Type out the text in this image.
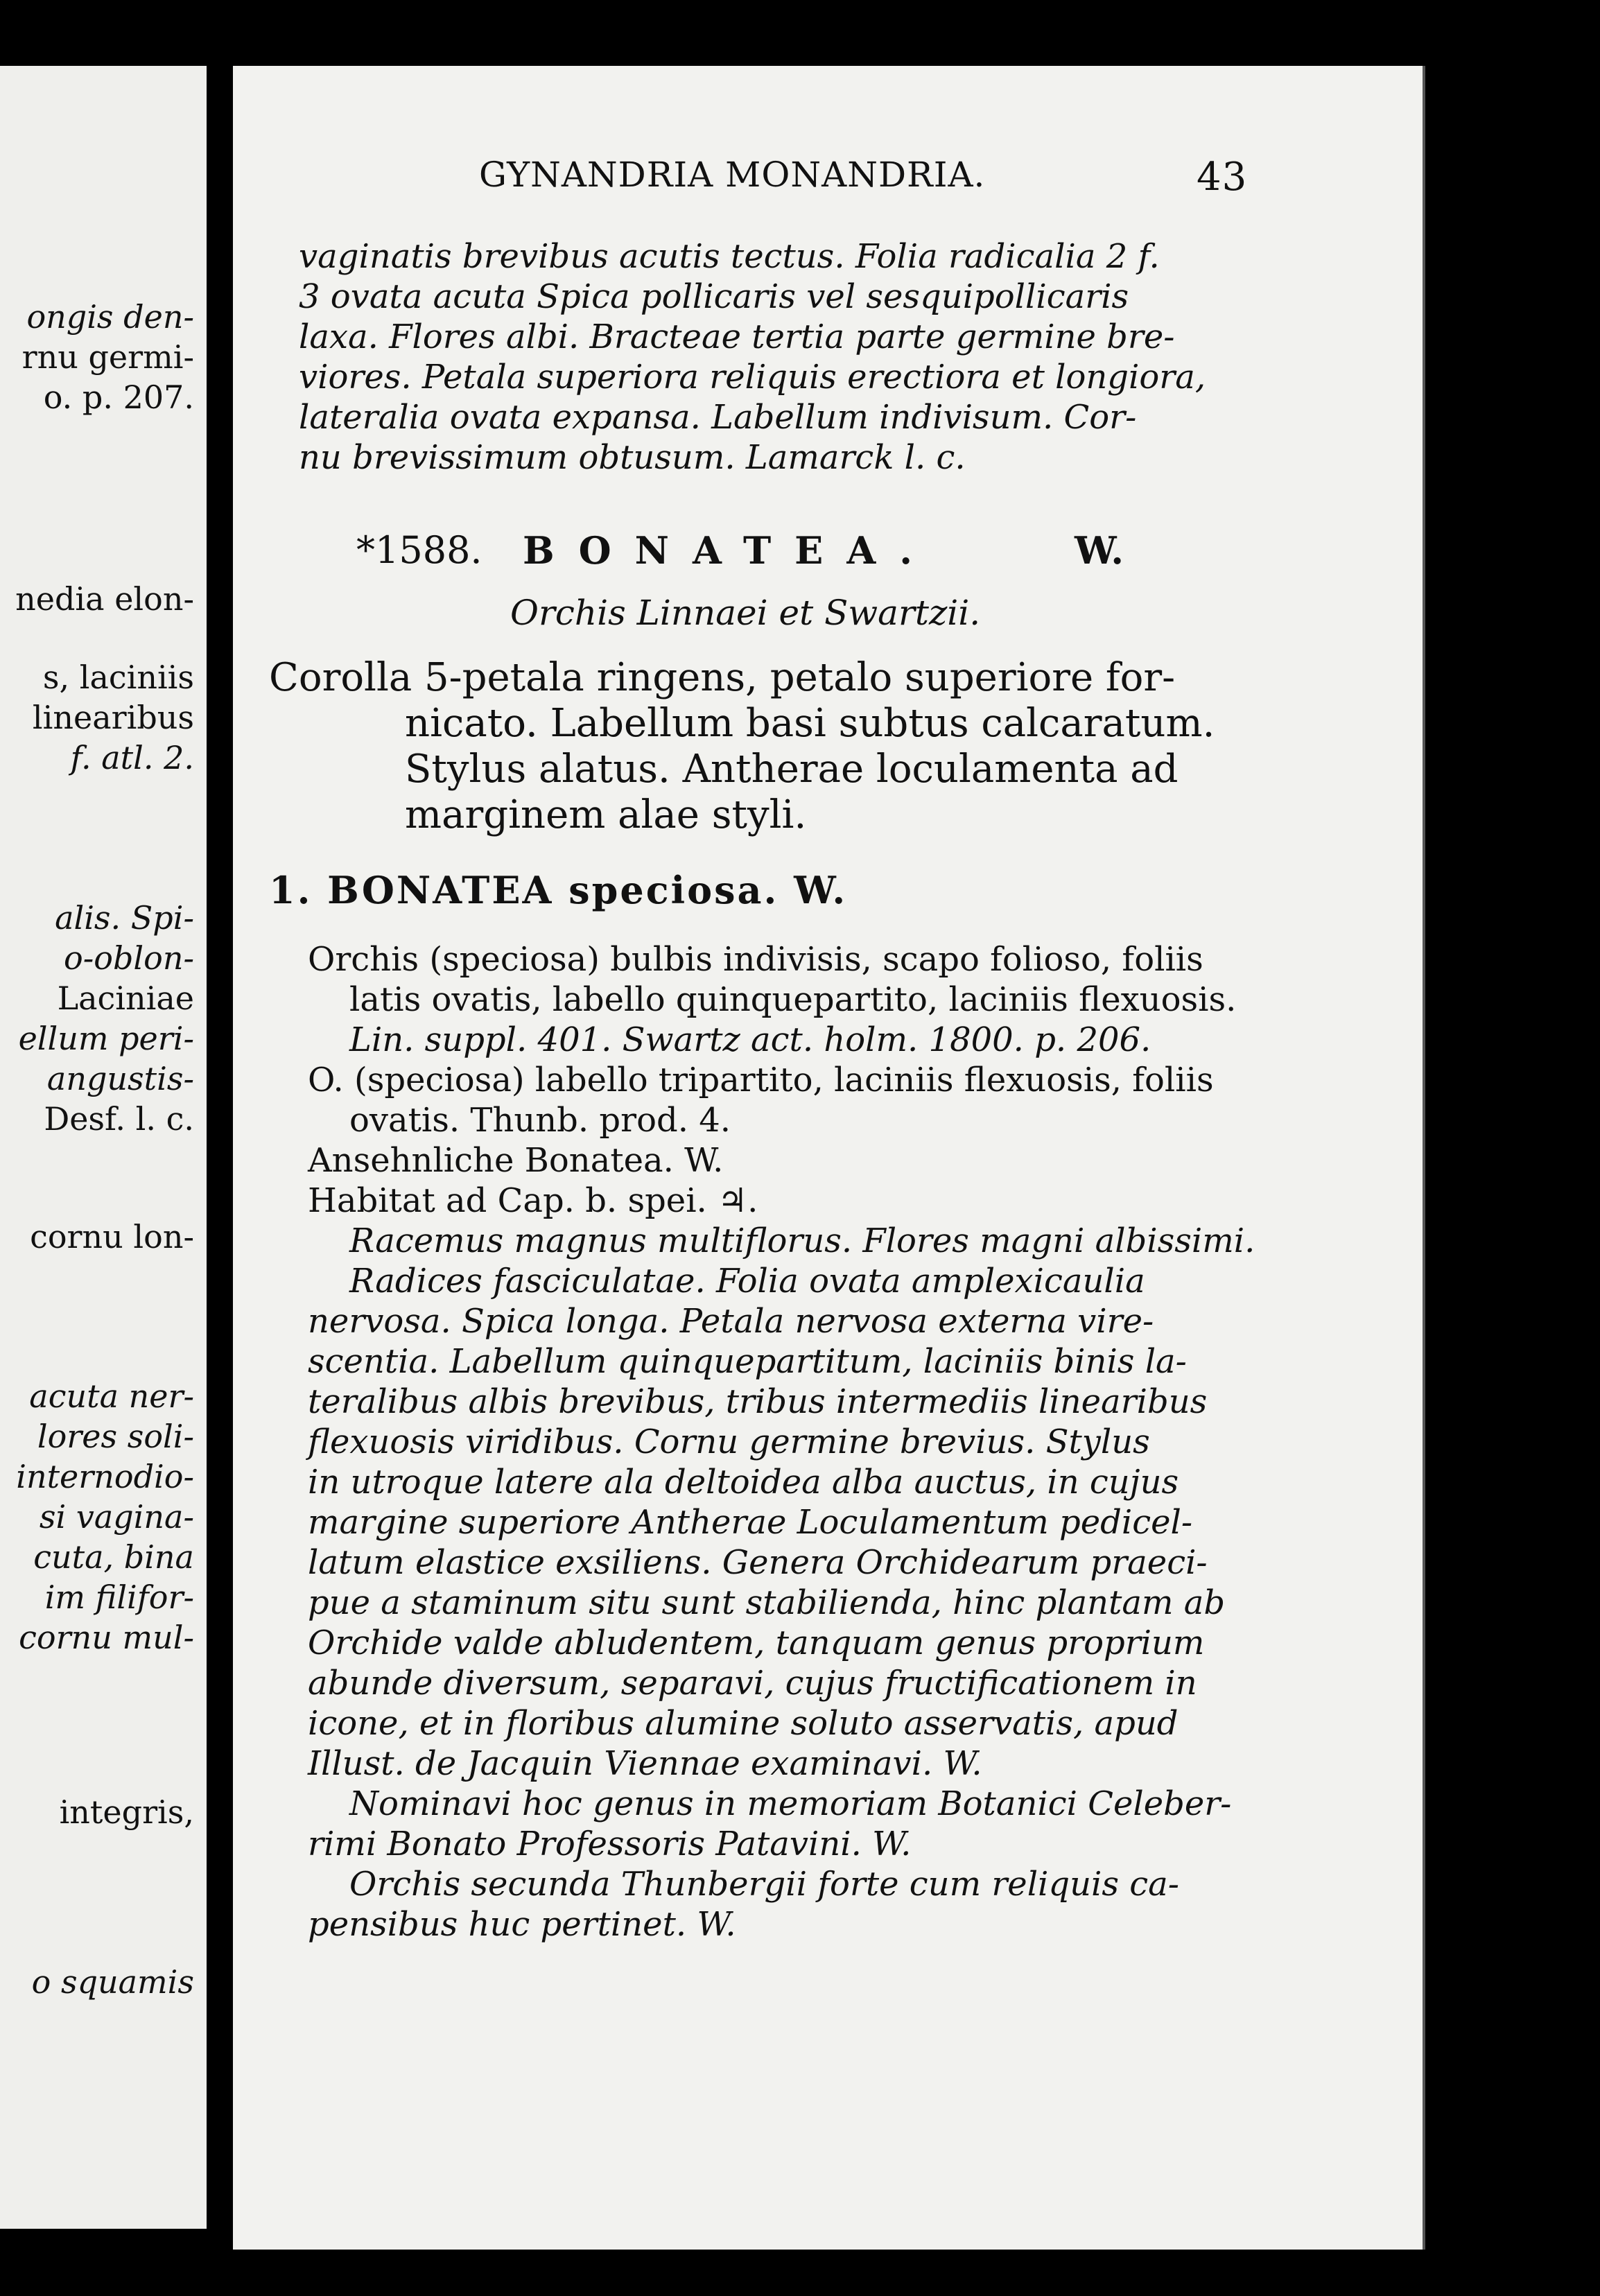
ongis den-
rnu germi-
o. p. 207.
nedia elon-
s, laciniis
linearibus
f. atl. 2.
alis. Spi-
o-oblon-
Laciniae
ellum peri-
angustis-
Desf. l. c.
cornu lon-
acuta ner-
lores soli-
internodio-
si vagina-
cuta, bina
im filifor-
cornu mul-
integris,
o squamis
GYNANDRIA MONANDRIA.	43
vaginatis brevibus acutis tectus. Folia radicalia 2 f.
3 ovata acuta Spica pollicaris vel sesquipollicaris
laxa. Flores albi. Bracteae tertia parte germine bre-
viores. Petala superiora reliquis erectiora et longiora,
lateralia ovata expansa. Labellum indivisum. Cor-
nu brevissimum obtusum. Lamarck l. c.
*1588. BONATEA.	W.
Orchis Linnaei et Swartzii.
Corolla 5-petala ringens, petalo superiore for-
nicato. Labellum basi subtus calcaratum.
Stylus alatus. Antherae loculamenta ad
marginem alae styli.
1. BONATEA speciosa. W.
Orchis (speciosa) bulbis indivisis, scapo folioso, foliis
latis ovatis, labello quinquepartito, laciniis flexuosis.
Lin. suppl. 401. Swartz act. holm. 1800. p. 206.
O. (speciosa) labello tripartito, laciniis flexuosis, foliis
ovatis. Thunb. prod. 4.
Ansehnliche Bonatea. W.
Habitat ad Cap. b. spei. ♃.
Racemus magnus multiflorus. Flores magni albissimi.
Radices fasciculatae. Folia ovata amplexicaulia
nervosa. Spica longa. Petala nervosa externa vire-
scentia. Labellum quinquepartitum, laciniis binis la-
teralibus albis brevibus, tribus intermediis linearibus
flexuosis viridibus. Cornu germine brevius. Stylus
in utroque latere ala deltoidea alba auctus, in cujus
margine superiore Antherae Loculamentum pedicel-
latum elastice exsiliens. Genera Orchidearum praeci-
pue a staminum situ sunt stabilienda, hinc plantam ab
Orchide valde abludentem, tanquam genus proprium
abunde diversum, separavi, cujus fructificationem in
icone, et in floribus alumine soluto asservatis, apud
Illust. de Jacquin Viennae examinavi. W.
Nominavi hoc genus in memoriam Botanici Celeber-
rimi Bonato Professoris Patavini. W.
Orchis secunda Thunbergii forte cum reliquis ca-
pensibus huc pertinet. W.
